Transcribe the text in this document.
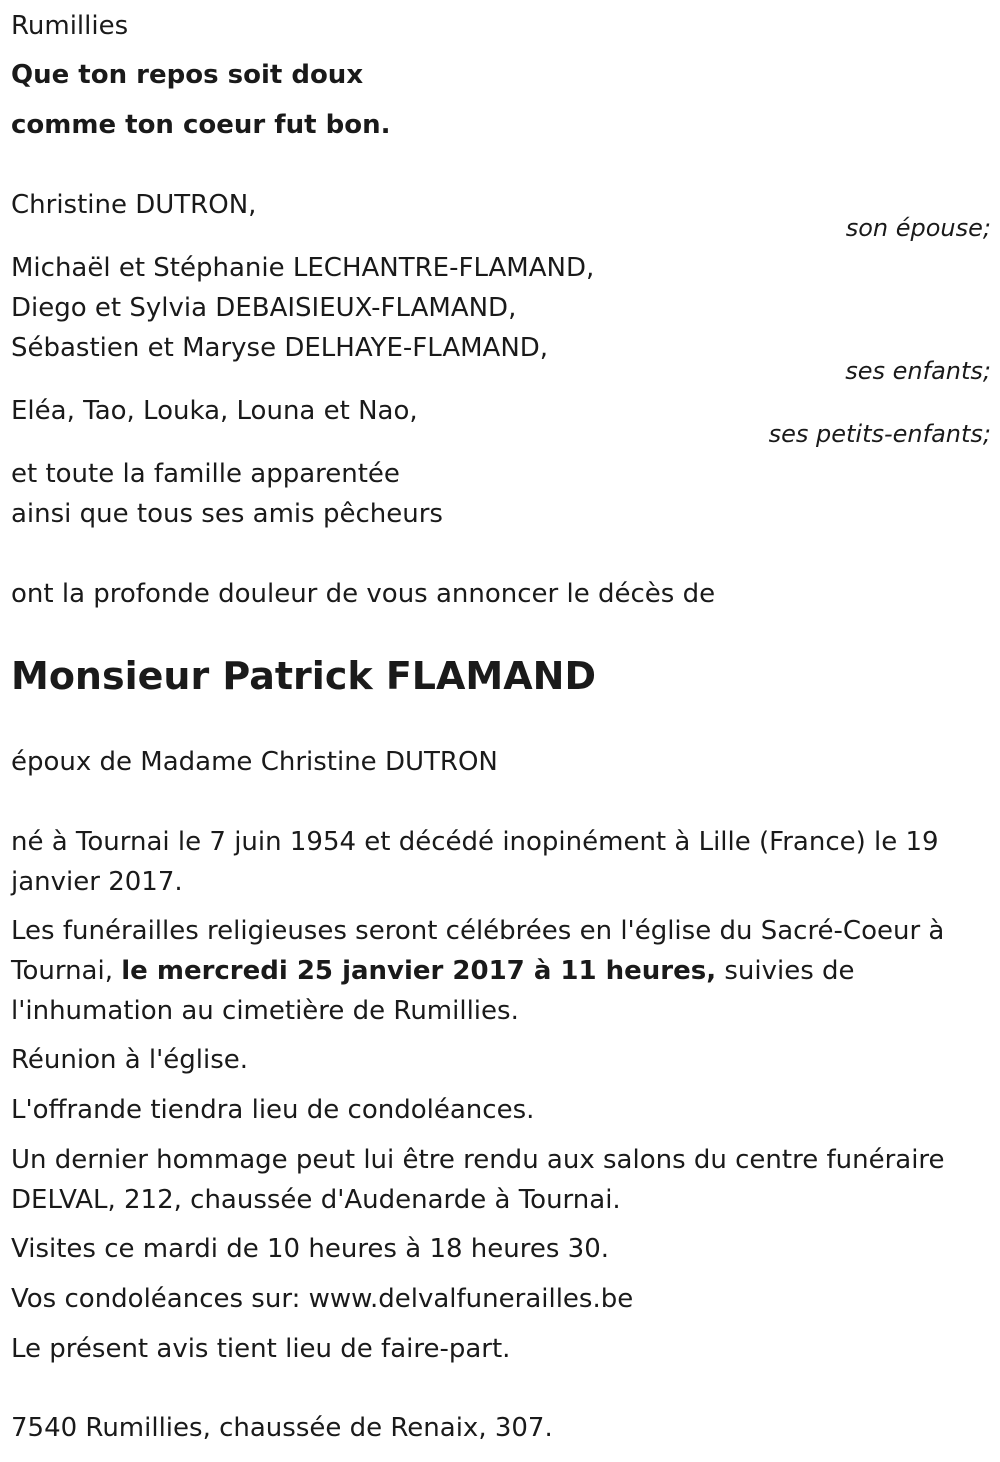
Rumillies
Que ton repos soit doux
comme ton coeur fut bon.
Christine DUTRON,
son épouse;
Michaël et Stéphanie LECHANTRE-FLAMAND,
Diego et Sylvia DEBAISIEUX-FLAMAND,
Sébastien et Maryse DELHAYE-FLAMAND,
ses enfants;
Eléa, Tao, Louka, Louna et Nao,
ses petits-enfants;
et toute la famille apparentée
ainsi que tous ses amis pêcheurs
ont la profonde douleur de vous annoncer le décès de
Monsieur Patrick FLAMAND
époux de Madame Christine DUTRON
né à Tournai le 7 juin 1954 et décédé inopinément à Lille (France) le 19 janvier 2017.
Les funérailles religieuses seront célébrées en l'église du Sacré-Coeur à Tournai, le mercredi 25 janvier 2017 à 11 heures, suivies de l'inhumation au cimetière de Rumillies.
Réunion à l'église.
L'offrande tiendra lieu de condoléances.
Un dernier hommage peut lui être rendu aux salons du centre funéraire DELVAL, 212, chaussée d'Audenarde à Tournai.
Visites ce mardi de 10 heures à 18 heures 30.
Vos condoléances sur: www.delvalfunerailles.be
Le présent avis tient lieu de faire-part.
7540 Rumillies, chaussée de Renaix, 307.
